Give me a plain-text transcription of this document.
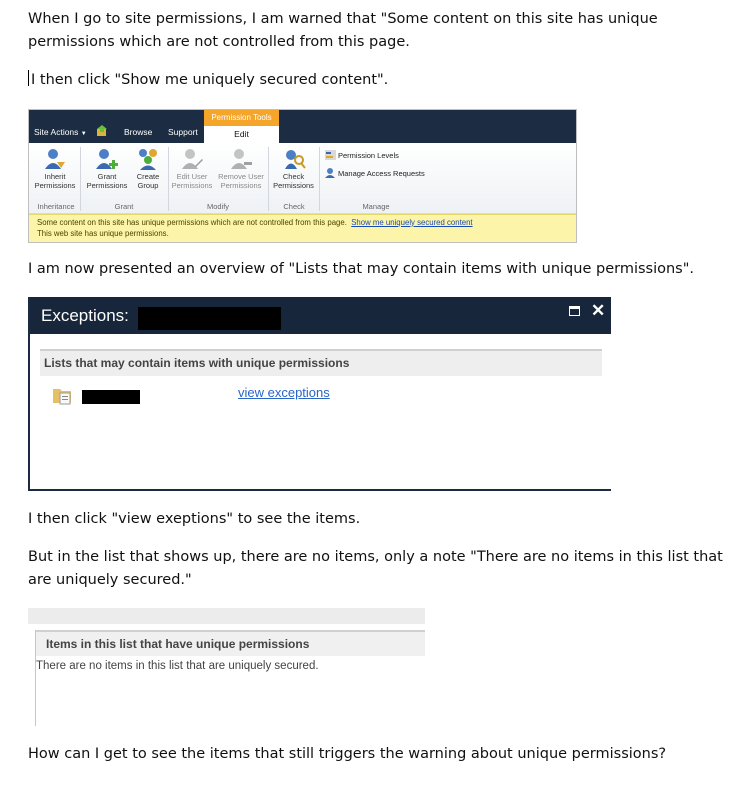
When I go to site permissions, I am warned that "Some content on this site has unique permissions which are not controlled from this page.
I then click "Show me uniquely secured content".
Site Actions ▼	Browse Support
Permission Tools
Edit
Inherit
Permissions
Grant
Permissions
Create
Group
Edit User
Permissions
Remove User
Permissions
Check
Permissions
Permission Levels
Manage Access Requests
Inheritance	Grant	Modify	Check	Manage
Some content on this site has unique permissions which are not controlled from this page. Show me uniquely secured content
This web site has unique permissions.
I am now presented an overview of "Lists that may contain items with unique permissions".
Exceptions:	✕
Lists that may contain items with unique permissions
view exceptions
I then click "view exeptions" to see the items.
But in the list that shows up, there are no items, only a note "There are no items in this list that are uniquely secured."
Items in this list that have unique permissions
There are no items in this list that are uniquely secured.
How can I get to see the items that still triggers the warning about unique permissions?
